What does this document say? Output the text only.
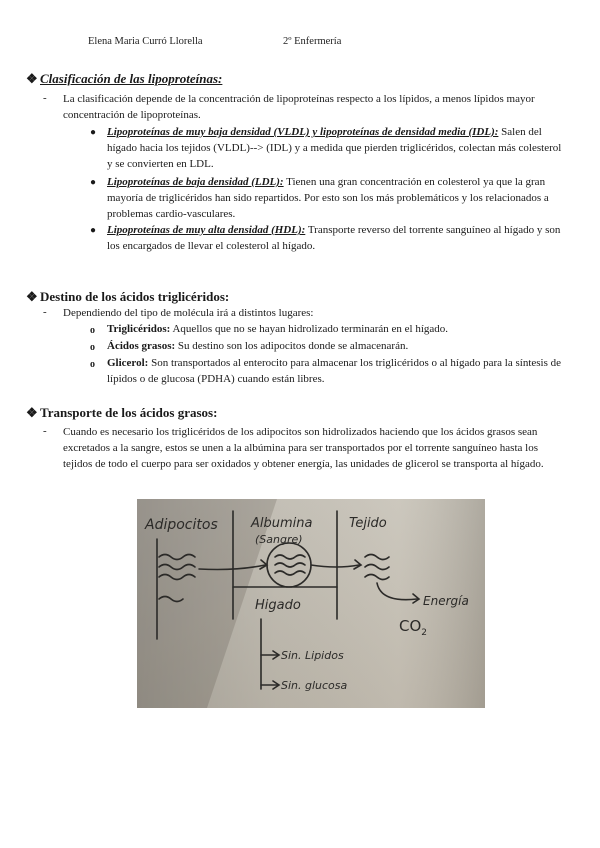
Elena Maria Curró Llorella	2º Enfermería
❖ Clasificación de las lipoproteínas:
- La clasificación depende de la concentración de lipoproteínas respecto a los lípidos, a menos lípidos mayor concentración de lipoproteínas.
● Lipoproteínas de muy baja densidad (VLDL) y lipoproteínas de densidad media (IDL): Salen del hígado hacia los tejidos (VLDL)--> (IDL) y a medida que pierden triglicéridos, colectan más colesterol y se convierten en LDL.
● Lipoproteínas de baja densidad (LDL): Tienen una gran concentración en colesterol ya que la gran mayoría de triglicéridos han sido repartidos. Por esto son los más problemáticos y los relacionados a problemas cardio-vasculares.
● Lipoproteínas de muy alta densidad (HDL): Transporte reverso del torrente sanguíneo al hígado y son los encargados de llevar el colesterol al hígado.
❖ Destino de los ácidos triglicéridos:
- Dependiendo del tipo de molécula irá a distintos lugares:
o Triglicéridos: Aquellos que no se hayan hidrolizado terminarán en el hígado.
o Ácidos grasos: Su destino son los adipocitos donde se almacenarán.
o Glicerol: Son transportados al enterocito para almacenar los triglicéridos o al hígado para la síntesis de lípidos o de glucosa (PDHA) cuando están libres.
❖ Transporte de los ácidos grasos:
- Cuando es necesario los triglicéridos de los adipocitos son hidrolizados haciendo que los ácidos grasos sean excretados a la sangre, estos se unen a la albúmina para ser transportados por el torrente sanguíneo hasta los tejidos de todo el cuerpo para ser oxidados y obtener energía, las unidades de glicerol se transporta al hígado.
Adipocitos	Albumina
(Sangre)
Tejido
Higado	Energía
$CO_2$
Sin. Lipidos
Sin. glucosa
